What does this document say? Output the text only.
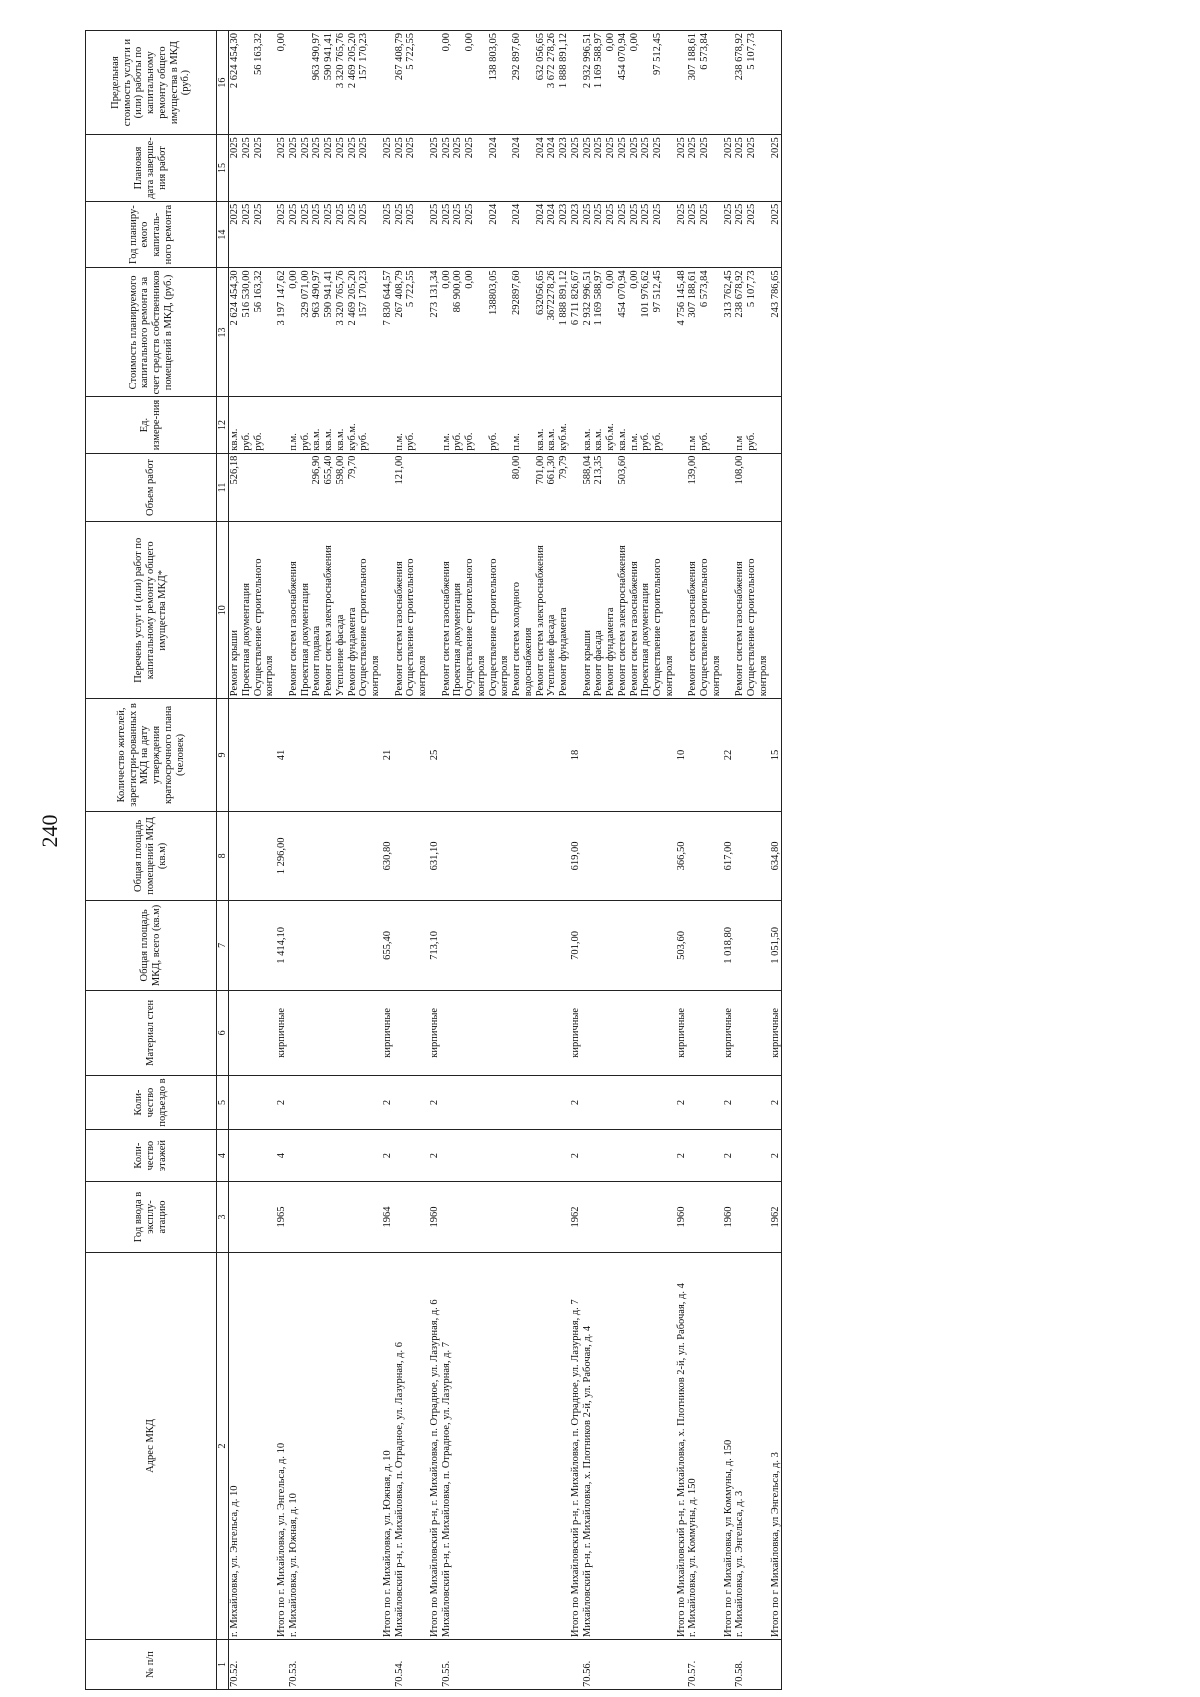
240
№ п/п	Адрес МКД	Год ввода в эксплу-атацию	Коли-чество этажей	Коли-чество подъездо в	Материал стен	Общая площадь МКД, всего (кв.м)	Общая площадь помещений МКД (кв.м)	Количество жителей, зарегистри-рованных в МКД на дату утверждения краткосрочного плана (человек)	Перечень услуг и (или) работ по капитальному ремонту общего имущества МКД*	Объем работ	Ед. измере-ния	Стоимость планируемого капитального ремонта за счет средств собственников помещений в МКД, (руб.)	Год планиру-емого капиталь-ного ремонта	Плановая дата заверше-ния работ	Предельная стоимость услуги и (или) работы по капитальному ремонту общего имущества в МКД (руб.)
1	2	3	4	5	6	7	8	9	10	11	12	13	14	15	16
70.52.	г. Михайловка, ул. Энгельса, д. 10								Ремонт крыши	526,18	кв.м.	2 624 454,30	2025	2025	2 624 454,30
									Проектная документация		руб.	516 530,00	2025	2025	
									Осуществление строительного контроля		руб.	56 163,32	2025	2025	56 163,32
	Итого по г. Михайловка, ул. Энгельса, д. 10	1965	4	2	кирпичные	1 414,10	1 296,00	41				3 197 147,62	2025	2025	0,00
70.53.	г. Михайловка, ул. Южная, д. 10								Ремонт систем газоснабжения		п.м.	0,00	2025	2025	
									Проектная документация		руб.	329 071,00	2025	2025	
									Ремонт подвала	296,90	кв.м.	963 490,97	2025	2025	963 490,97
									Ремонт систем электроснабжения	655,40	кв.м.	590 941,41	2025	2025	590 941,41
									Утепление фасада	598,00	кв.м.	3 320 765,76	2025	2025	3 320 765,76
									Ремонт фундамента	79,70	куб.м.	2 469 205,20	2025	2025	2 469 205,20
									Осуществление строительного контроля		руб.	157 170,23	2025	2025	157 170,23
	Итого по г. Михайловка, ул. Южная, д. 10	1964	2	2	кирпичные	655,40	630,80	21				7 830 644,57	2025	2025	
70.54.	Михайловский р-н, г. Михайловка, п. Отрадное, ул. Лазурная, д. 6								Ремонт систем газоснабжения	121,00	п.м.	267 408,79	2025	2025	267 408,79
									Осуществление строительного контроля		руб.	5 722,55	2025	2025	5 722,55
	Итого по Михайловский р-н, г. Михайловка, п. Отрадное, ул. Лазурная, д. 6	1960	2	2	кирпичные	713,10	631,10	25				273 131,34	2025	2025	
70.55.	Михайловский р-н, г. Михайловка, п. Отрадное, ул. Лазурная, д. 7								Ремонт систем газоснабжения		п.м.	0,00	2025	2025	0,00
									Проектная документация		руб.	86 900,00	2025	2025	
									Осуществление строительного контроля		руб.	0,00	2025	2025	0,00
									Осуществление строительного контроля		руб.	138803,05	2024	2024	138 803,05
									Ремонт систем холодного водоснабжения	80,00	п.м.	292897,60	2024	2024	292 897,60
									Ремонт систем электроснабжения	701,00	кв.м.	632056,65	2024	2024	632 056,65
									Утепление фасада	661,30	кв.м.	3672278,26	2024	2024	3 672 278,26
									Ремонт фундамента	79,79	куб.м.	1 888 891,12	2023	2023	1 888 891,12
	Итого по Михайловский р-н, г. Михайловка, п. Отрадное, ул. Лазурная, д. 7	1962	2	2	кирпичные	701,00	619,00	18				6 711 826,67	2023	2025	
70.56.	Михайловский р-н, г. Михайловка, х. Плотников 2-й, ул. Рабочая, д. 4								Ремонт крыши	588,04	кв.м.	2 932 996,51	2025	2025	2 932 996,51
									Ремонт фасада	213,35	кв.м.	1 169 588,97	2025	2025	1 169 588,97
									Ремонт фундамента		куб.м.	0,00	2025	2025	0,00
									Ремонт систем электроснабжения	503,60	кв.м.	454 070,94	2025	2025	454 070,94
									Ремонт систем газоснабжения		п.м.	0,00	2025	2025	0,00
									Проектная документация		руб.	101 976,62	2025	2025	
									Осуществление строительного контроля		руб.	97 512,45	2025	2025	97 512,45
	Итого по Михайловский р-н, г. Михайловка, х. Плотников 2-й, ул. Рабочая, д. 4	1960	2	2	кирпичные	503,60	366,50	10				4 756 145,48	2025	2025	
70.57.	г. Михайловка, ул. Коммуны, д. 150								Ремонт систем газоснабжения	139,00	п.м	307 188,61	2025	2025	307 188,61
									Осуществление строительного контроля		руб.	6 573,84	2025	2025	6 573,84
	Итого по г Михайловка, ул Коммуны, д. 150	1960	2	2	кирпичные	1 018,80	617,00	22				313 762,45	2025	2025	
70.58.	г. Михайловка, ул. Энгельса, д. 3								Ремонт систем газоснабжения	108,00	п.м	238 678,92	2025	2025	238 678,92
									Осуществление строительного контроля		руб.	5 107,73	2025	2025	5 107,73
	Итого по г Михайловка, ул Энгельса, д. 3	1962	2	2	кирпичные	1 051,50	634,80	15				243 786,65	2025	2025	
